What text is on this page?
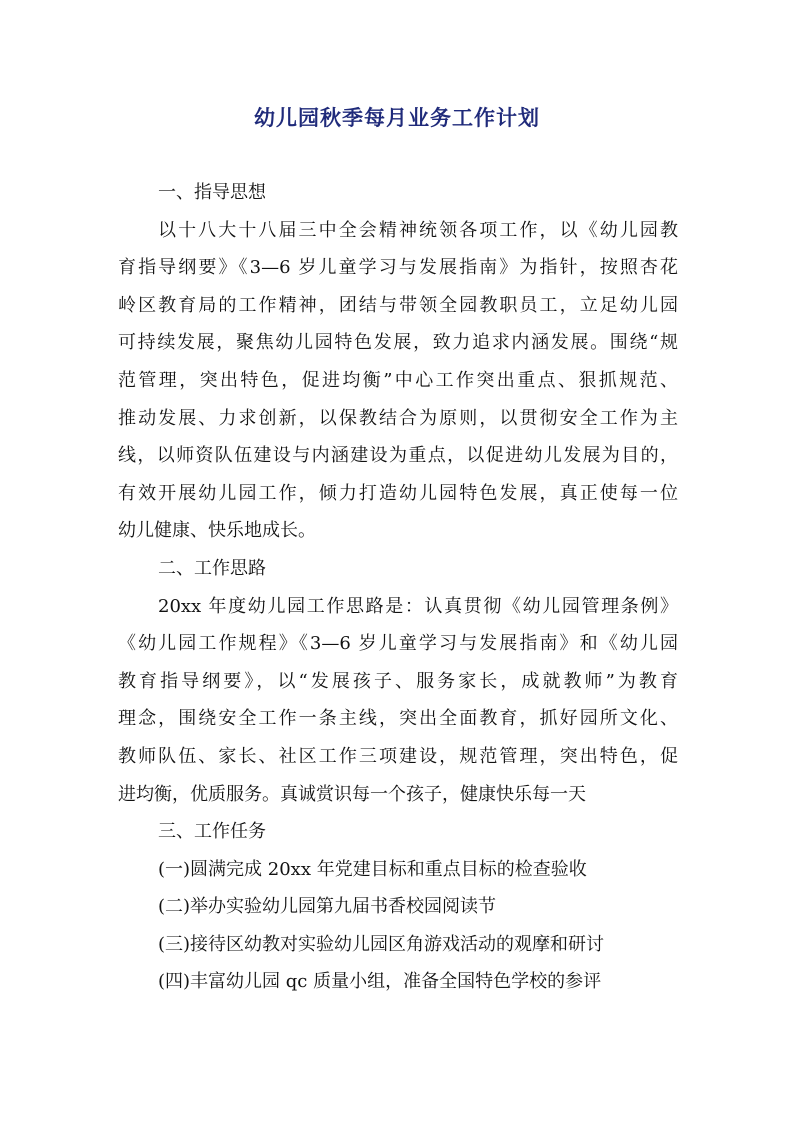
幼儿园秋季每月业务工作计划
一、指导思想
以十八大十八届三中全会精神统领各项工作，以《幼儿园教
育指导纲要》《3—6 岁儿童学习与发展指南》为指针，按照杏花
岭区教育局的工作精神，团结与带领全园教职员工，立足幼儿园
可持续发展，聚焦幼儿园特色发展，致力追求内涵发展。围绕“规
范管理，突出特色，促进均衡”中心工作突出重点、狠抓规范、
推动发展、力求创新，以保教结合为原则，以贯彻安全工作为主
线，以师资队伍建设与内涵建设为重点，以促进幼儿发展为目的，
有效开展幼儿园工作，倾力打造幼儿园特色发展，真正使每一位
幼儿健康、快乐地成长。
二、工作思路
20xx 年度幼儿园工作思路是：认真贯彻《幼儿园管理条例》
《幼儿园工作规程》《3—6 岁儿童学习与发展指南》和《幼儿园
教育指导纲要》，以“发展孩子、服务家长，成就教师”为教育
理念，围绕安全工作一条主线，突出全面教育，抓好园所文化、
教师队伍、家长、社区工作三项建设，规范管理，突出特色，促
进均衡，优质服务。真诚赏识每一个孩子，健康快乐每一天
三、工作任务
(一)圆满完成 20xx 年党建目标和重点目标的检查验收
(二)举办实验幼儿园第九届书香校园阅读节
(三)接待区幼教对实验幼儿园区角游戏活动的观摩和研讨
(四)丰富幼儿园 qc 质量小组，准备全国特色学校的参评
